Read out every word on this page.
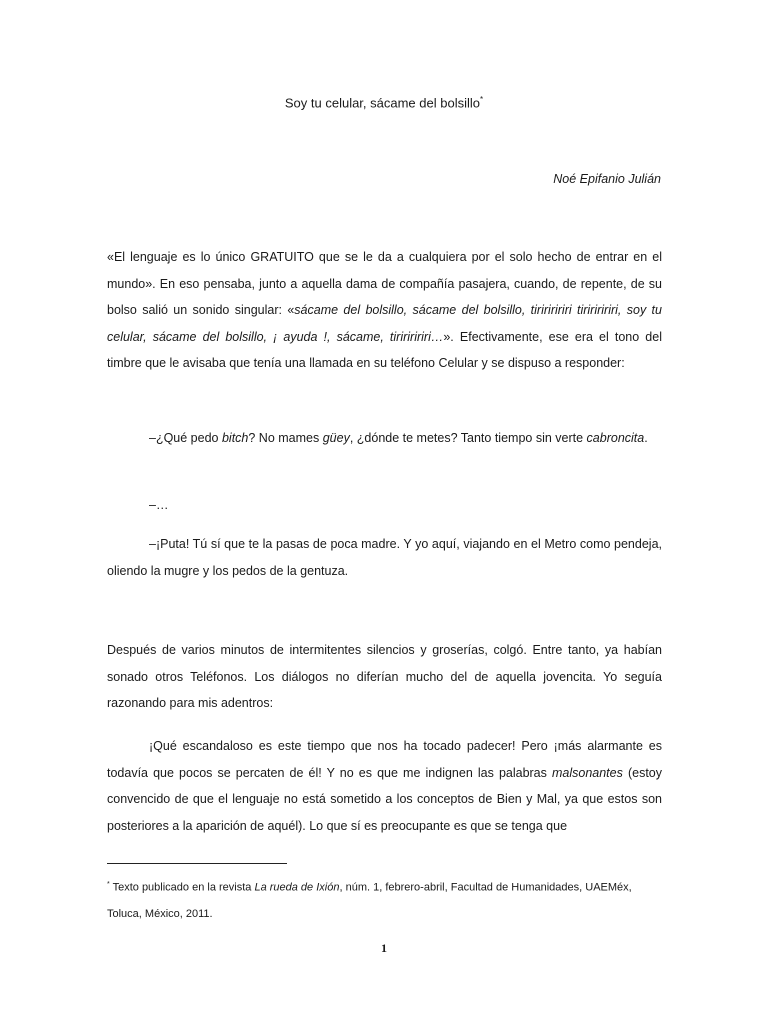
Soy tu celular, sácame del bolsillo*
Noé Epifanio Julián

«El lenguaje es lo único GRATUITO que se le da a cualquiera por el solo hecho de entrar en el mundo». En eso pensaba, junto a aquella dama de compañía pasajera, cuando, de repente, de su bolso salió un sonido singular: «sácame del bolsillo, sácame del bolsillo, tiririririri tiririririri, soy tu celular, sácame del bolsillo, ¡ ayuda !, sácame, tiririririri…». Efectivamente, ese era el tono del timbre que le avisaba que tenía una llamada en su teléfono Celular y se dispuso a responder:

–¿Qué pedo bitch? No mames güey, ¿dónde te metes? Tanto tiempo sin verte cabroncita.

–…

–¡Puta! Tú sí que te la pasas de poca madre. Y yo aquí, viajando en el Metro como pendeja, oliendo la mugre y los pedos de la gentuza.

Después de varios minutos de intermitentes silencios y groserías, colgó. Entre tanto, ya habían sonado otros Teléfonos. Los diálogos no diferían mucho del de aquella jovencita. Yo seguía razonando para mis adentros:

¡Qué escandaloso es este tiempo que nos ha tocado padecer! Pero ¡más alarmante es todavía que pocos se percaten de él! Y no es que me indignen las palabras malsonantes (estoy convencido de que el lenguaje no está sometido a los conceptos de Bien y Mal, ya que estos son posteriores a la aparición de aquél). Lo que sí es preocupante es que se tenga que

* Texto publicado en la revista La rueda de Ixión, núm. 1, febrero-abril, Facultad de Humanidades, UAEMéx, Toluca, México, 2011.
1
